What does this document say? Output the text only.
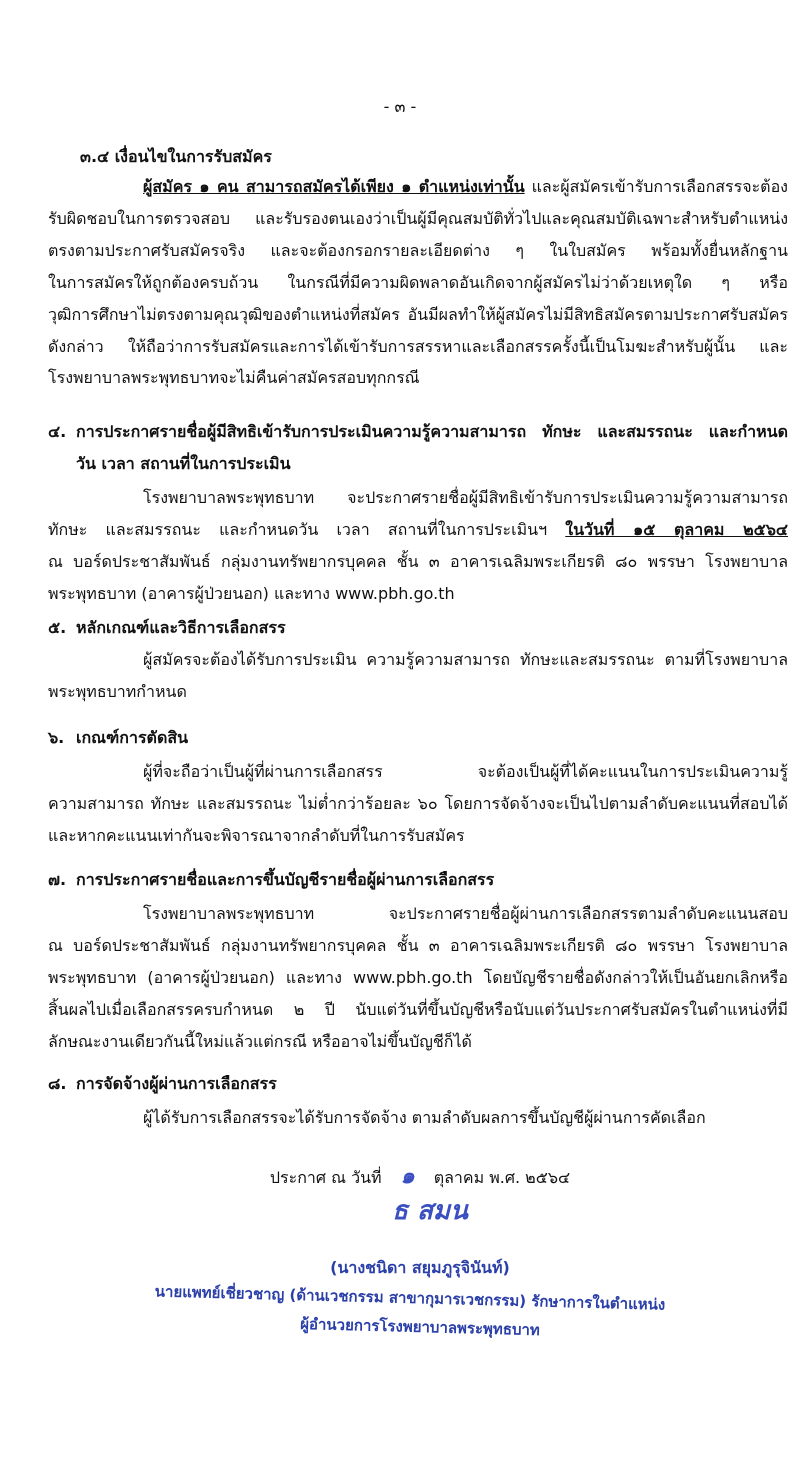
- ๓ -
๓.๔ เงื่อนไขในการรับสมัคร
ผู้สมัคร ๑ คน สามารถสมัครได้เพียง ๑ ตำแหน่งเท่านั้น และผู้สมัครเข้ารับการเลือกสรรจะต้อง
รับผิดชอบในการตรวจสอบ และรับรองตนเองว่าเป็นผู้มีคุณสมบัติทั่วไปและคุณสมบัติเฉพาะสำหรับตำแหน่ง
ตรงตามประกาศรับสมัครจริง และจะต้องกรอกรายละเอียดต่าง ๆ ในใบสมัคร พร้อมทั้งยื่นหลักฐาน
ในการสมัครให้ถูกต้องครบถ้วน ในกรณีที่มีความผิดพลาดอันเกิดจากผู้สมัครไม่ว่าด้วยเหตุใด ๆ หรือ
วุฒิการศึกษาไม่ตรงตามคุณวุฒิของตำแหน่งที่สมัคร อันมีผลทำให้ผู้สมัครไม่มีสิทธิสมัครตามประกาศรับสมัคร
ดังกล่าว ให้ถือว่าการรับสมัครและการได้เข้ารับการสรรหาและเลือกสรรครั้งนี้เป็นโมฆะสำหรับผู้นั้น และ
โรงพยาบาลพระพุทธบาทจะไม่คืนค่าสมัครสอบทุกกรณี
๔. การประกาศรายชื่อผู้มีสิทธิเข้ารับการประเมินความรู้ความสามารถ ทักษะ และสมรรถนะ และกำหนด
วัน เวลา สถานที่ในการประเมิน
โรงพยาบาลพระพุทธบาท จะประกาศรายชื่อผู้มีสิทธิเข้ารับการประเมินความรู้ความสามารถ
ทักษะ และสมรรถนะ และกำหนดวัน เวลา สถานที่ในการประเมินฯ ในวันที่ ๑๕ ตุลาคม ๒๕๖๔
ณ บอร์ดประชาสัมพันธ์ กลุ่มงานทรัพยากรบุคคล ชั้น ๓ อาคารเฉลิมพระเกียรติ ๘๐ พรรษา โรงพยาบาล
พระพุทธบาท (อาคารผู้ป่วยนอก) และทาง www.pbh.go.th
๕. หลักเกณฑ์และวิธีการเลือกสรร
ผู้สมัครจะต้องได้รับการประเมิน ความรู้ความสามารถ ทักษะและสมรรถนะ ตามที่โรงพยาบาล
พระพุทธบาทกำหนด
๖. เกณฑ์การตัดสิน
ผู้ที่จะถือว่าเป็นผู้ที่ผ่านการเลือกสรร จะต้องเป็นผู้ที่ได้คะแนนในการประเมินความรู้
ความสามารถ ทักษะ และสมรรถนะ ไม่ต่ำกว่าร้อยละ ๖๐ โดยการจัดจ้างจะเป็นไปตามลำดับคะแนนที่สอบได้
และหากคะแนนเท่ากันจะพิจารณาจากลำดับที่ในการรับสมัคร
๗. การประกาศรายชื่อและการขึ้นบัญชีรายชื่อผู้ผ่านการเลือกสรร
โรงพยาบาลพระพุทธบาท จะประกาศรายชื่อผู้ผ่านการเลือกสรรตามลำดับคะแนนสอบ
ณ บอร์ดประชาสัมพันธ์ กลุ่มงานทรัพยากรบุคคล ชั้น ๓ อาคารเฉลิมพระเกียรติ ๘๐ พรรษา โรงพยาบาล
พระพุทธบาท (อาคารผู้ป่วยนอก) และทาง www.pbh.go.th โดยบัญชีรายชื่อดังกล่าวให้เป็นอันยกเลิกหรือ
สิ้นผลไปเมื่อเลือกสรรครบกำหนด ๒ ปี นับแต่วันที่ขึ้นบัญชีหรือนับแต่วันประกาศรับสมัครในตำแหน่งที่มี
ลักษณะงานเดียวกันนี้ใหม่แล้วแต่กรณี หรืออาจไม่ขึ้นบัญชีก็ได้
๘. การจัดจ้างผู้ผ่านการเลือกสรร
ผู้ได้รับการเลือกสรรจะได้รับการจัดจ้าง ตามลำดับผลการขึ้นบัญชีผู้ผ่านการคัดเลือก
ประกาศ ณ วันที่ ๑ ตุลาคม พ.ศ. ๒๕๖๔
ธ สมน
(นางชนิดา สยุมภูรุจินันท์)
นายแพทย์เชี่ยวชาญ (ด้านเวชกรรม สาขากุมารเวชกรรม) รักษาการในตำแหน่ง
ผู้อำนวยการโรงพยาบาลพระพุทธบาท
